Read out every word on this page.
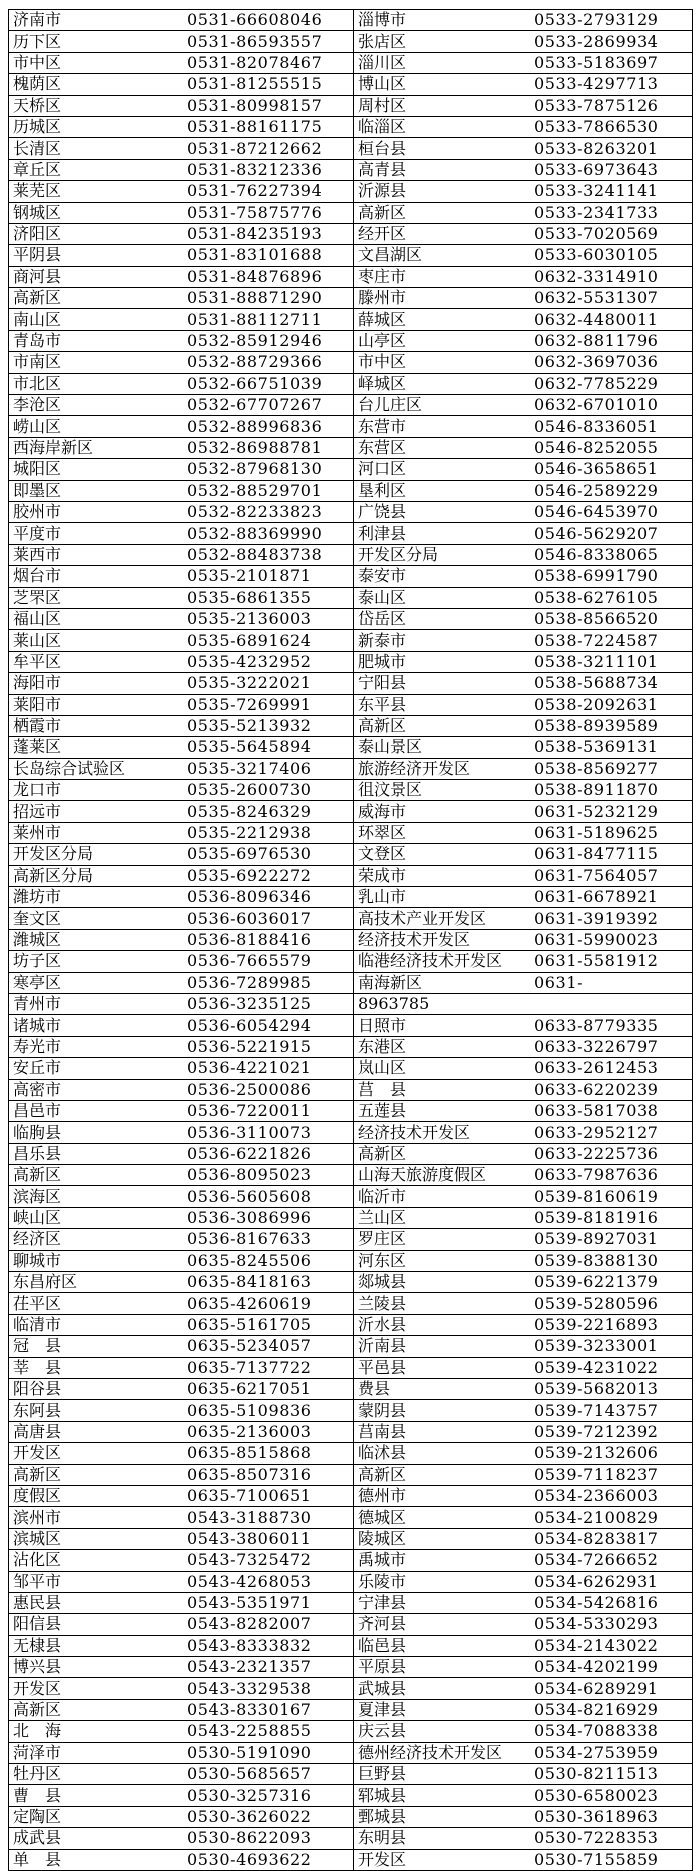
济南市 0531-66608046	淄博市 0533-2793129

历下区 0531-86593557	张店区 0533-2869934

市中区 0531-82078467	淄川区 0533-5183697

槐荫区 0531-81255515	博山区 0533-4297713

天桥区 0531-80998157	周村区 0533-7875126

历城区 0531-88161175	临淄区 0533-7866530

长清区 0531-87212662	桓台县 0533-8263201

章丘区 0531-83212336	高青县 0533-6973643

莱芜区 0531-76227394	沂源县 0533-3241141

钢城区 0531-75875776	高新区 0533-2341733

济阳区 0531-84235193	经开区 0533-7020569

平阴县 0531-83101688	文昌湖区 0533-6030105

商河县 0531-84876896	枣庄市 0632-3314910

高新区 0531-88871290	滕州市 0632-5531307

南山区 0531-88112711	薛城区 0632-4480011

青岛市 0532-85912946	山亭区 0632-8811796

市南区 0532-88729366	市中区 0632-3697036

市北区 0532-66751039	峄城区 0632-7785229

李沧区 0532-67707267	台儿庄区 0632-6701010

崂山区 0532-88996836	东营市 0546-8336051

西海岸新区 0532-86988781	东营区 0546-8252055

城阳区 0532-87968130	河口区 0546-3658651

即墨区 0532-88529701	垦利区 0546-2589229

胶州市 0532-82233823	广饶县 0546-6453970

平度市 0532-88369990	利津县 0546-5629207

莱西市 0532-88483738	开发区分局 0546-8338065

烟台市 0535-2101871	泰安市 0538-6991790

芝罘区 0535-6861355	泰山区 0538-6276105

福山区 0535-2136003	岱岳区 0538-8566520

莱山区 0535-6891624	新泰市 0538-7224587

牟平区 0535-4232952	肥城市 0538-3211101

海阳市 0535-3222021	宁阳县 0538-5688734

莱阳市 0535-7269991	东平县 0538-2092631

栖霞市 0535-5213932	高新区 0538-8939589

蓬莱区 0535-5645894	泰山景区 0538-5369131

长岛综合试验区 0535-3217406	旅游经济开发区 0538-8569277

龙口市 0535-2600730	徂汶景区 0538-8911870

招远市 0535-8246329	威海市 0631-5232129

莱州市 0535-2212938	环翠区 0631-5189625

开发区分局 0535-6976530	文登区 0631-8477115

高新区分局 0535-6922272	荣成市 0631-7564057

潍坊市 0536-8096346	乳山市 0631-6678921

奎文区 0536-6036017	高技术产业开发区 0631-3919392

潍城区 0536-8188416	经济技术开发区 0631-5990023

坊子区 0536-7665579	临港经济技术开发区 0631-5581912

寒亭区 0536-7289985	南海新区 0631-

青州市 0536-3235125	8963785

诸城市 0536-6054294	日照市 0633-8779335

寿光市 0536-5221915	东港区 0633-3226797

安丘市 0536-4221021	岚山区 0633-2612453

高密市 0536-2500086	莒　县 0633-6220239

昌邑市 0536-7220011	五莲县 0633-5817038

临朐县 0536-3110073	经济技术开发区 0633-2952127

昌乐县 0536-6221826	高新区 0633-2225736

高新区 0536-8095023	山海天旅游度假区 0633-7987636

滨海区 0536-5605608	临沂市 0539-8160619

峡山区 0536-3086996	兰山区 0539-8181916

经济区 0536-8167633	罗庄区 0539-8927031

聊城市 0635-8245506	河东区 0539-8388130

东昌府区 0635-8418163	郯城县 0539-6221379

茌平区 0635-4260619	兰陵县 0539-5280596

临清市 0635-5161705	沂水县 0539-2216893

冠　县 0635-5234057	沂南县 0539-3233001

莘　县 0635-7137722	平邑县 0539-4231022

阳谷县 0635-6217051	费县 0539-5682013

东阿县 0635-5109836	蒙阴县 0539-7143757

高唐县 0635-2136003	莒南县 0539-7212392

开发区 0635-8515868	临沭县 0539-2132606

高新区 0635-8507316	高新区 0539-7118237

度假区 0635-7100651	德州市 0534-2366003

滨州市 0543-3188730	德城区 0534-2100829

滨城区 0543-3806011	陵城区 0534-8283817

沾化区 0543-7325472	禹城市 0534-7266652

邹平市 0543-4268053	乐陵市 0534-6262931

惠民县 0543-5351971	宁津县 0534-5426816

阳信县 0543-8282007	齐河县 0534-5330293

无棣县 0543-8333832	临邑县 0534-2143022

博兴县 0543-2321357	平原县 0534-4202199

开发区 0543-3329538	武城县 0534-6289291

高新区 0543-8330167	夏津县 0534-8216929

北　海 0543-2258855	庆云县 0534-7088338

菏泽市 0530-5191090	德州经济技术开发区 0534-2753959

牡丹区 0530-5685657	巨野县 0530-8211513

曹　县 0530-3257316	郓城县 0530-6580023

定陶区 0530-3626022	鄄城县 0530-3618963

成武县 0530-8622093	东明县 0530-7228353

单　县 0530-4693622	开发区 0530-7155859
